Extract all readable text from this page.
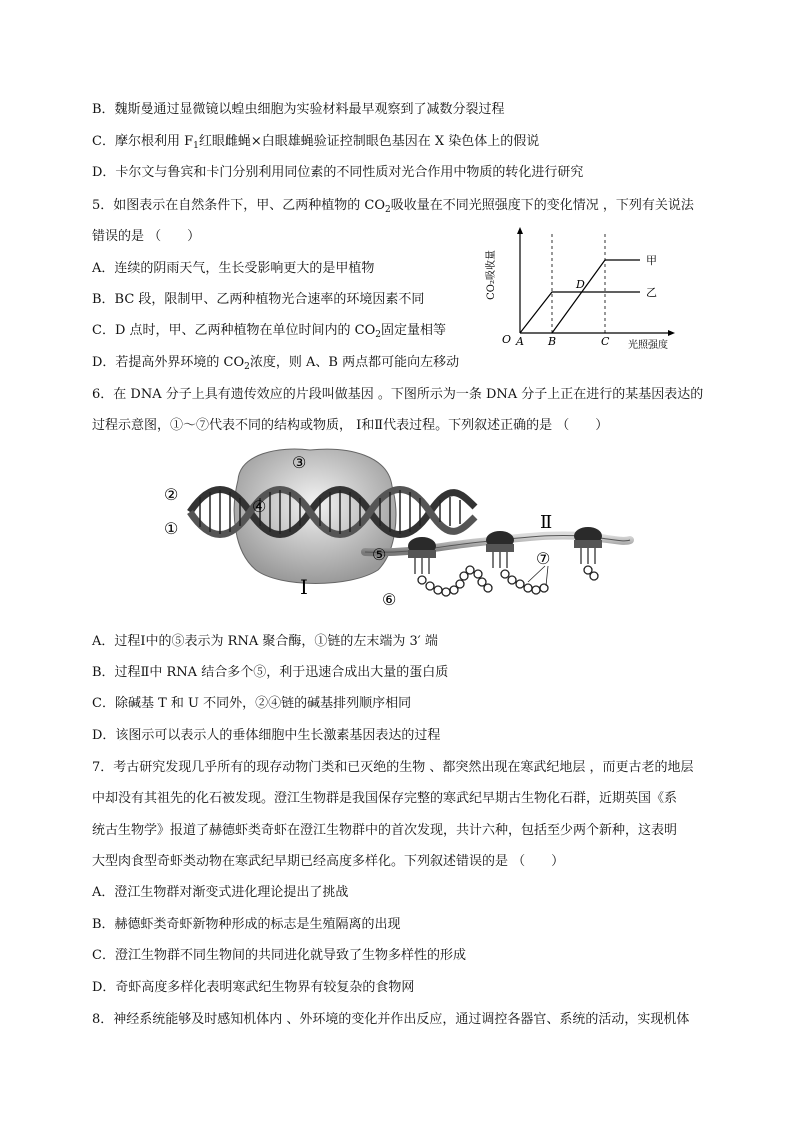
B．魏斯曼通过显微镜以蝗虫细胞为实验材料最早观察到了减数分裂过程
C．摩尔根利用 $F_1$红眼雌蝇×白眼雄蝇验证控制眼色基因在 X 染色体上的假说
D．卡尔文与鲁宾和卡门分别利用同位素的不同性质对光合作用中物质的转化进行研究
5．如图表示在自然条件下，甲、乙两种植物的 $CO_2$吸收量在不同光照强度下的变化情况 ，下列有关说法
错误的是 （　　）
A．连续的阴雨天气，生长受影响更大的是甲植物
B．BC 段，限制甲、乙两种植物光合速率的环境因素不同
C．D 点时，甲、乙两种植物在单位时间内的 $CO_2$固定量相等
D．若提高外界环境的 $CO_2$浓度，则 A、B 两点都可能向左移动
CO₂吸收量
O A B	C
D
光照强度
甲
乙
6．在 DNA 分子上具有遗传效应的片段叫做基因 。下图所示为一条 DNA 分子上正在进行的某基因表达的
过程示意图，①～⑦代表不同的结构或物质， Ⅰ和Ⅱ代表过程。下列叙述正确的是 （　　）
②
①
③
④
⑤
⑥
⑦
Ⅰ
Ⅱ
A．过程Ⅰ中的⑤表示为 RNA 聚合酶，①链的左末端为 3′ 端
B．过程Ⅱ中 RNA 结合多个⑤，利于迅速合成出大量的蛋白质
C．除碱基 T 和 U 不同外，②④链的碱基排列顺序相同
D．该图示可以表示人的垂体细胞中生长激素基因表达的过程
7．考古研究发现几乎所有的现存动物门类和已灭绝的生物 、都突然出现在寒武纪地层 ，而更古老的地层
中却没有其祖先的化石被发现。澄江生物群是我国保存完整的寒武纪早期古生物化石群，近期英国《系
统古生物学》报道了赫德虾类奇虾在澄江生物群中的首次发现，共计六种，包括至少两个新种，这表明
大型肉食型奇虾类动物在寒武纪早期已经高度多样化。下列叙述错误的是 （　　）
A．澄江生物群对渐变式进化理论提出了挑战
B．赫德虾类奇虾新物种形成的标志是生殖隔离的出现
C．澄江生物群不同生物间的共同进化就导致了生物多样性的形成
D．奇虾高度多样化表明寒武纪生物界有较复杂的食物网
8．神经系统能够及时感知机体内 、外环境的变化并作出反应，通过调控各器官、系统的活动，实现机体
